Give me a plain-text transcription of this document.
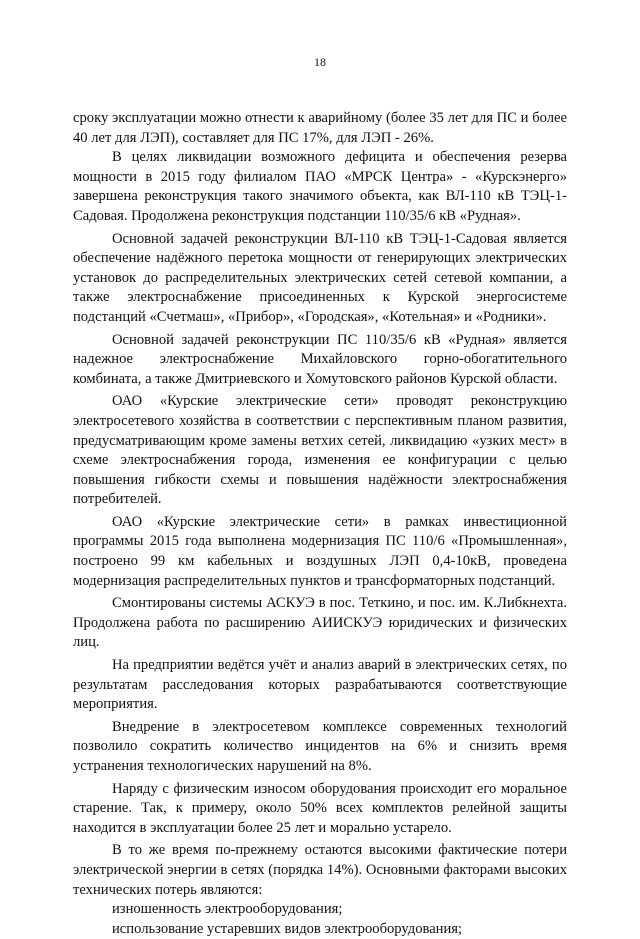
18

сроку эксплуатации можно отнести к аварийному (более 35 лет для ПС и более 40 лет для ЛЭП), составляет для ПС 17%, для ЛЭП - 26%.

В целях ликвидации возможного дефицита и обеспечения резерва мощности в 2015 году филиалом ПАО «МРСК Центра» - «Курскэнерго» завершена реконструкция такого значимого объекта, как ВЛ-110 кВ ТЭЦ-1-Садовая. Продолжена реконструкция подстанции 110/35/6 кВ «Рудная».

Основной задачей реконструкции ВЛ-110 кВ ТЭЦ-1-Садовая является обеспечение надёжного перетока мощности от генерирующих электрических установок до распределительных электрических сетей сетевой компании, а также электроснабжение присоединенных к Курской энергосистеме подстанций «Счетмаш», «Прибор», «Городская», «Котельная» и «Родники».

Основной задачей реконструкции ПС 110/35/6 кВ «Рудная» является надежное электроснабжение Михайловского горно-обогатительного комбината, а также Дмитриевского и Хомутовского районов Курской области.

ОАО «Курские электрические сети» проводят реконструкцию электросетевого хозяйства в соответствии с перспективным планом развития, предусматривающим кроме замены ветхих сетей, ликвидацию «узких мест» в схеме электроснабжения города, изменения ее конфигурации с целью повышения гибкости схемы и повышения надёжности электроснабжения потребителей.

ОАО «Курские электрические сети» в рамках инвестиционной программы 2015 года выполнена модернизация ПС 110/6 «Промышленная», построено 99 км кабельных и воздушных ЛЭП 0,4-10кВ, проведена модернизация распределительных пунктов и трансформаторных подстанций.

Смонтированы системы АСКУЭ в пос. Теткино, и пос. им. К.Либкнехта. Продолжена работа по расширению АИИСКУЭ юридических и физических лиц.

На предприятии ведётся учёт и анализ аварий в электрических сетях, по результатам расследования которых разрабатываются соответствующие мероприятия.

Внедрение в электросетевом комплексе современных технологий позволило сократить количество инцидентов на 6% и снизить время устранения технологических нарушений на 8%.

Наряду с физическим износом оборудования происходит его моральное старение. Так, к примеру, около 50% всех комплектов релейной защиты находится в эксплуатации более 25 лет и морально устарело.

В то же время по-прежнему остаются высокими фактические потери электрической энергии в сетях (порядка 14%). Основными факторами высоких технических потерь являются:

изношенность электрооборудования;

использование устаревших видов электрооборудования;
